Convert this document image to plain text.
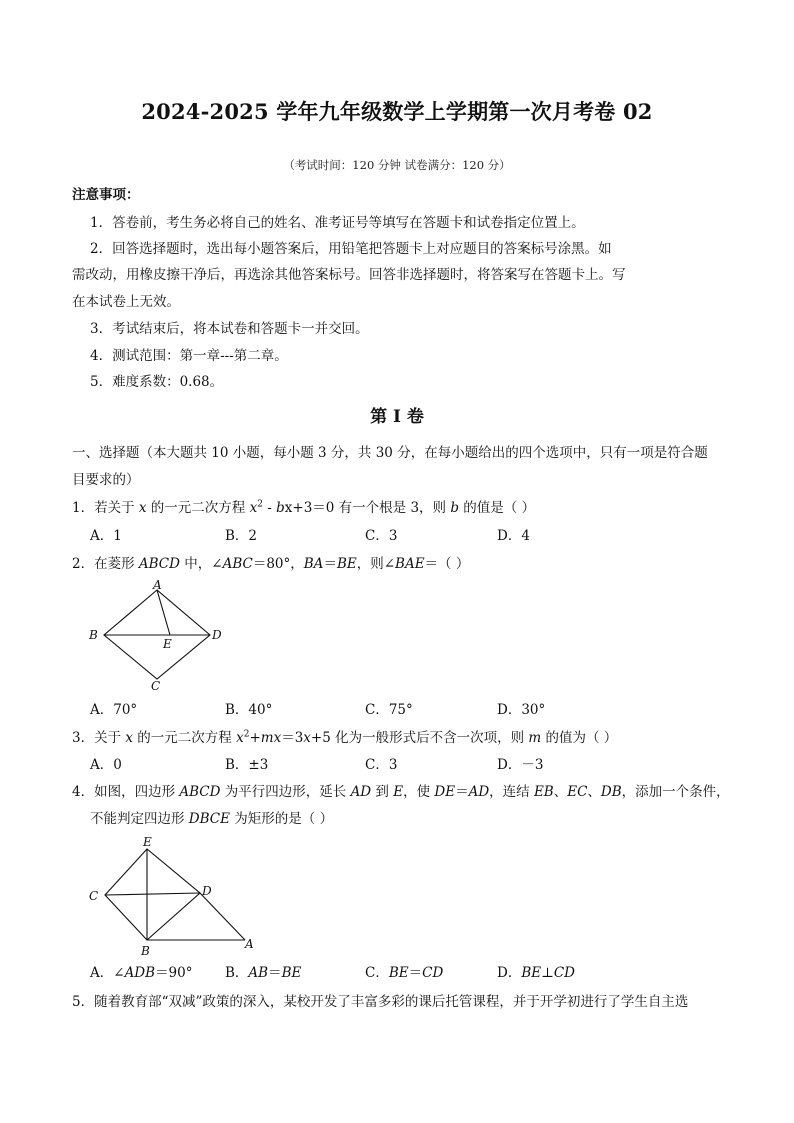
2024-2025 学年九年级数学上学期第一次月考卷 02
（考试时间：120 分钟 试卷满分：120 分）
注意事项：
1．答卷前，考生务必将自己的姓名、准考证号等填写在答题卡和试卷指定位置上。
2．回答选择题时，选出每小题答案后，用铅笔把答题卡上对应题目的答案标号涂黑。如
需改动，用橡皮擦干净后，再选涂其他答案标号。回答非选择题时，将答案写在答题卡上。写
在本试卷上无效。
3．考试结束后，将本试卷和答题卡一并交回。
4．测试范围：第一章---第二章。
5．难度系数：0.68。
第 Ⅰ 卷
一、选择题（本大题共 10 小题，每小题 3 分，共 30 分，在每小题给出的四个选项中，只有一项是符合题
目要求的）
1．若关于 x 的一元二次方程 $x^2 - bx+3=0$ 有一个根是 3，则 b 的值是（ ）
A．1	B．2	C．3	D．4
2．在菱形 ABCD 中，∠ABC＝80°，BA＝BE，则∠BAE＝（ ）
A
B
C
D
E
A．70°	B．40°	C．75°	D．30°
3．关于 x 的一元二次方程 $x^2+mx=3x+5$ 化为一般形式后不含一次项，则 m 的值为（ ）
A．0	B．±3	C．3	D．－3
4．如图，四边形 ABCD 为平行四边形，延长 AD 到 E，使 DE＝AD，连结 EB、EC、DB，添加一个条件，
不能判定四边形 DBCE 为矩形的是（ ）
E
C	D
B	A
A．∠ADB＝90° B．AB＝BE	C．BE＝CD	D．BE⊥CD
5．随着教育部“双减”政策的深入，某校开发了丰富多彩的课后托管课程，并于开学初进行了学生自主选
